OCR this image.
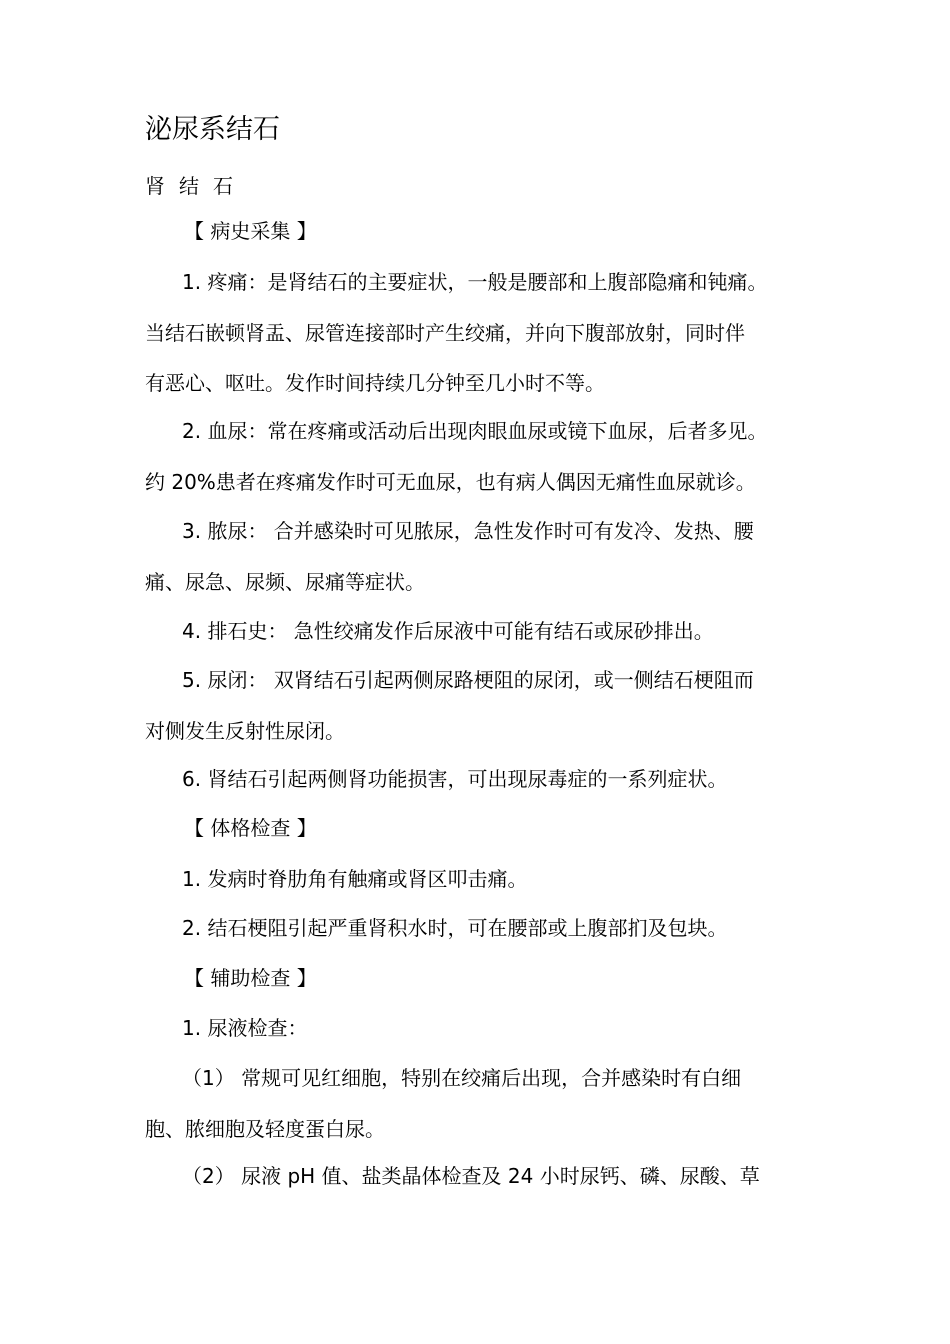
泌尿系结石
肾结石
【 病史采集 】
1. 疼痛：是肾结石的主要症状，一般是腰部和上腹部隐痛和钝痛。
当结石嵌顿肾盂、尿管连接部时产生绞痛，并向下腹部放射，同时伴
有恶心、呕吐。发作时间持续几分钟至几小时不等。
2. 血尿：常在疼痛或活动后出现肉眼血尿或镜下血尿，后者多见。
约 20%患者在疼痛发作时可无血尿，也有病人偶因无痛性血尿就诊。
3. 脓尿： 合并感染时可见脓尿，急性发作时可有发冷、发热、腰
痛、尿急、尿频、尿痛等症状。
4. 排石史： 急性绞痛发作后尿液中可能有结石或尿砂排出。
5. 尿闭： 双肾结石引起两侧尿路梗阻的尿闭，或一侧结石梗阻而
对侧发生反射性尿闭。
6. 肾结石引起两侧肾功能损害，可出现尿毒症的一系列症状。
【 体格检查 】
1. 发病时脊肋角有触痛或肾区叩击痛。
2. 结石梗阻引起严重肾积水时，可在腰部或上腹部扪及包块。
【 辅助检查 】
1. 尿液检查：
（1） 常规可见红细胞，特别在绞痛后出现，合并感染时有白细
胞、脓细胞及轻度蛋白尿。
（2） 尿液 pH 值、盐类晶体检查及 24 小时尿钙、磷、尿酸、草
